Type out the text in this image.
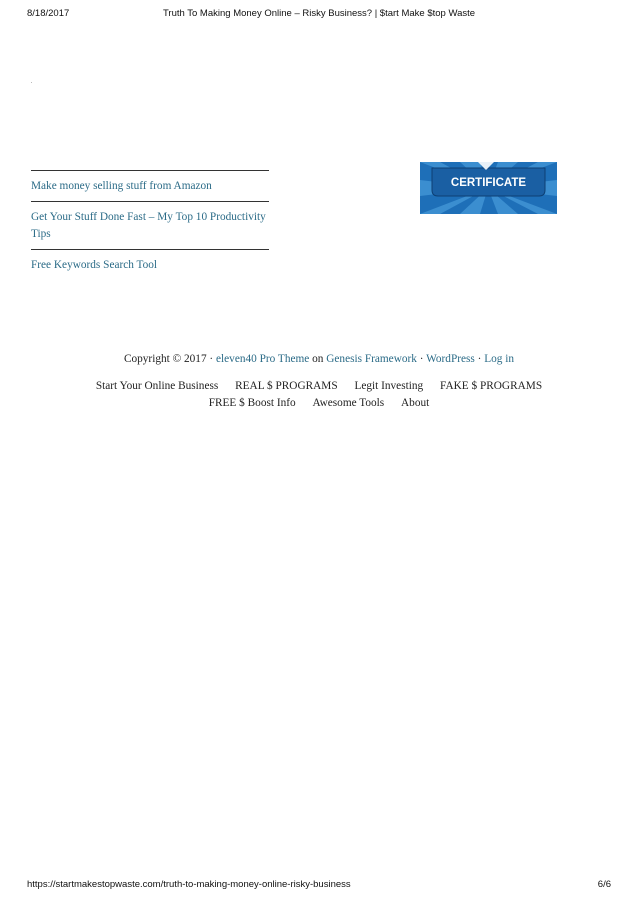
8/18/2017	Truth To Making Money Online – Risky Business? | $tart Make $top Waste
Make money selling stuff from Amazon
Get Your Stuff Done Fast – My Top 10 Productivity Tips
Free Keywords Search Tool
CERTIFICATE
Copyright © 2017 · eleven40 Pro Theme on Genesis Framework · WordPress · Log in
Start Your Online Business REAL $ PROGRAMS Legit Investing FAKE $ PROGRAMS
FREE $ Boost Info Awesome Tools About
https://startmakestopwaste.com/truth-to-making-money-online-risky-business	6/6
